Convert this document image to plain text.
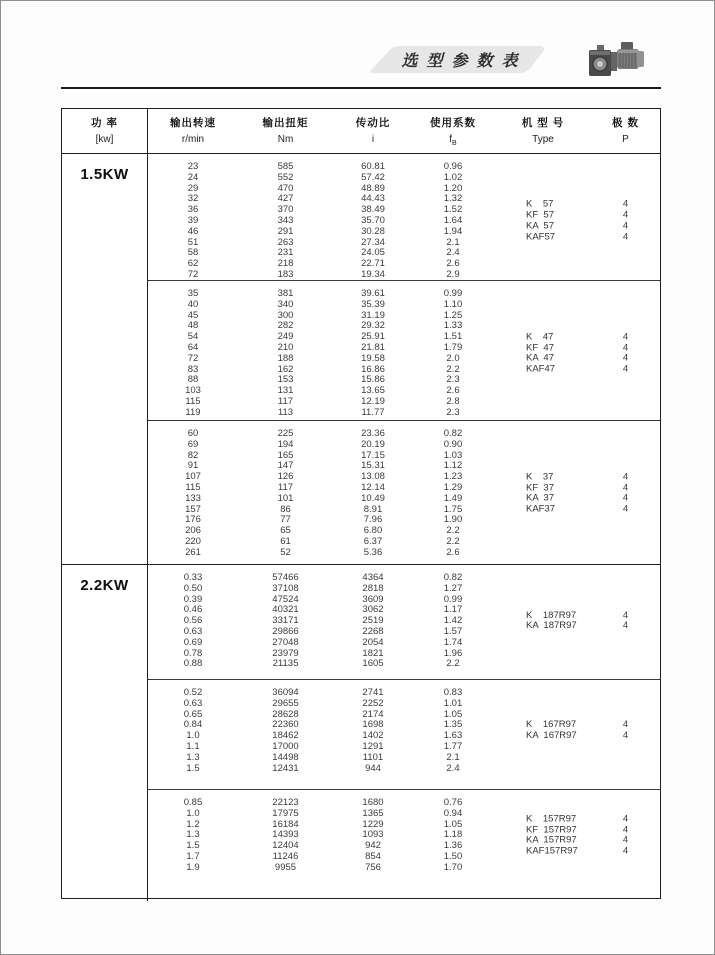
选型参数表
功 率
[kw]
输出转速
r/min
输出扭矩
Nm
传动比
i
使用系数
$f_B$
机 型 号
Type
极 数
P
1.5KW	23
24
29
32
36
39
46
51
58
62
72
585
552
470
427
370
343
291
263
231
218
183
60.81
57.42
48.89
44.43
38.49
35.70
30.28
27.34
24.05
22.71
19.34
0.96
1.02
1.20
1.32
1.52
1.64
1.94
2.1
2.4
2.6
2.9
K    57
KF  57
KA  57
KAF57
4
4
4
4
35
40
45
48
54
64
72
83
88
103
115
119
381
340
300
282
249
210
188
162
153
131
117
113
39.61
35.39
31.19
29.32
25.91
21.81
19.58
16.86
15.86
13.65
12.19
11.77
0.99
1.10
1.25
1.33
1.51
1.79
2.0
2.2
2.3
2.6
2.8
2.3
K    47
KF  47
KA  47
KAF47
4
4
4
4
60
69
82
91
107
115
133
157
176
206
220
261
225
194
165
147
126
117
101
86
77
65
61
52
23.36
20.19
17.15
15.31
13.08
12.14
10.49
8.91
7.96
6.80
6.37
5.36
0.82
0.90
1.03
1.12
1.23
1.29
1.49
1.75
1.90
2.2
2.2
2.6
K    37
KF  37
KA  37
KAF37
4
4
4
4
2.2KW	0.33
0.50
0.39
0.46
0.56
0.63
0.69
0.78
0.88
57466
37108
47524
40321
33171
29866
27048
23979
21135
4364
2818
3609
3062
2519
2268
2054
1821
1605
0.82
1.27
0.99
1.17
1.42
1.57
1.74
1.96
2.2
K    187R97
KA  187R97
4
4
0.52
0.63
0.65
0.84
1.0
1.1
1.3
1.5
36094
29655
28628
22360
18462
17000
14498
12431
2741
2252
2174
1698
1402
1291
1101
944
0.83
1.01
1.05
1.35
1.63
1.77
2.1
2.4
K    167R97
KA  167R97
4
4
0.85
1.0
1.2
1.3
1.5
1.7
1.9
22123
17975
16184
14393
12404
11246
9955
1680
1365
1229
1093
942
854
756
0.76
0.94
1.05
1.18
1.36
1.50
1.70
K    157R97
KF  157R97
KA  157R97
KAF157R97
4
4
4
4
